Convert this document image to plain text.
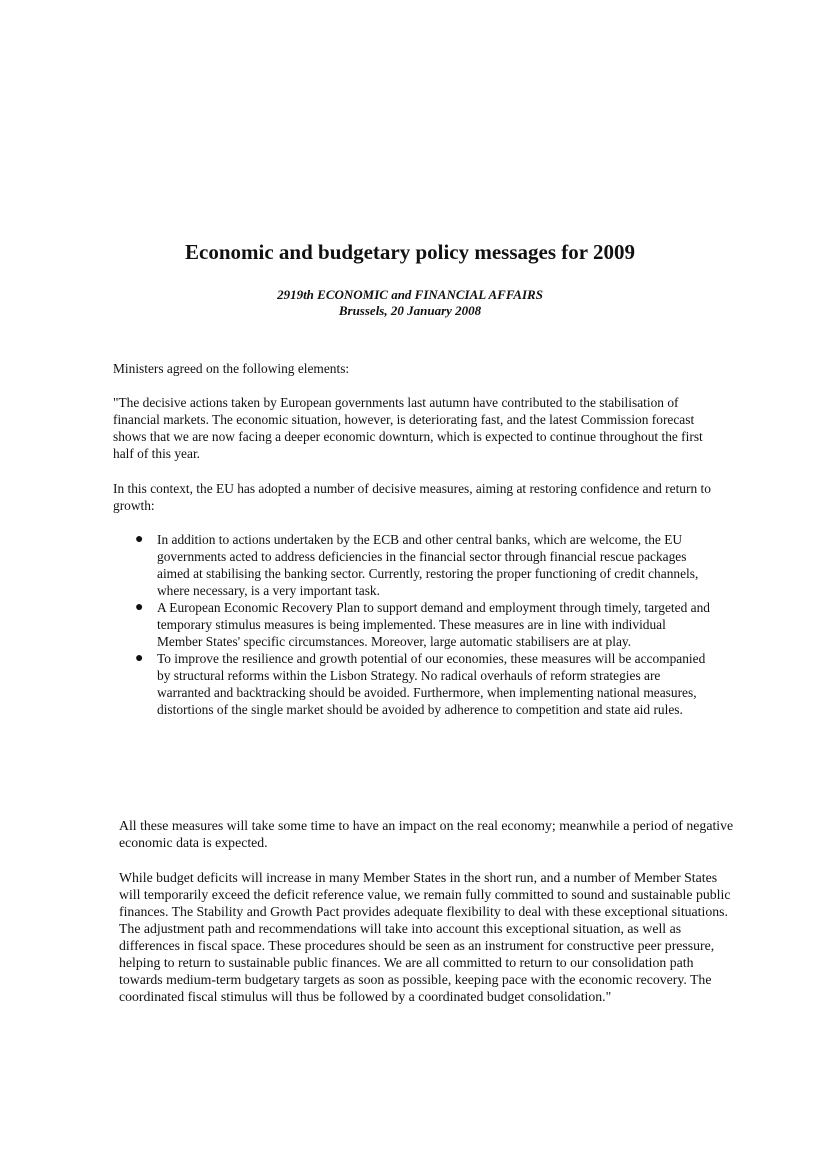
Economic and budgetary policy messages for 2009
2919th ECONOMIC and FINANCIAL AFFAIRS
Brussels, 20 January 2008

Ministers agreed on the following elements:

"The decisive actions taken by European governments last autumn have contributed to the stabilisation of financial markets. The economic situation, however, is deteriorating fast, and the latest Commission forecast shows that we are now facing a deeper economic downturn, which is expected to continue throughout the first half of this year.

In this context, the EU has adopted a number of decisive measures, aiming at restoring confidence and return to growth:

● In addition to actions undertaken by the ECB and other central banks, which are welcome, the EU governments acted to address deficiencies in the financial sector through financial rescue packages aimed at stabilising the banking sector. Currently, restoring the proper functioning of credit channels, where necessary, is a very important task.
● A European Economic Recovery Plan to support demand and employment through timely, targeted and temporary stimulus measures is being implemented. These measures are in line with individual Member States' specific circumstances. Moreover, large automatic stabilisers are at play.
● To improve the resilience and growth potential of our economies, these measures will be accompanied by structural reforms within the Lisbon Strategy. No radical overhauls of reform strategies are warranted and backtracking should be avoided. Furthermore, when implementing national measures, distortions of the single market should be avoided by adherence to competition and state aid rules.

All these measures will take some time to have an impact on the real economy; meanwhile a period of negative economic data is expected.

While budget deficits will increase in many Member States in the short run, and a number of Member States will temporarily exceed the deficit reference value, we remain fully committed to sound and sustainable public finances. The Stability and Growth Pact provides adequate flexibility to deal with these exceptional situations. The adjustment path and recommendations will take into account this exceptional situation, as well as differences in fiscal space. These procedures should be seen as an instrument for constructive peer pressure, helping to return to sustainable public finances. We are all committed to return to our consolidation path towards medium-term budgetary targets as soon as possible, keeping pace with the economic recovery. The coordinated fiscal stimulus will thus be followed by a coordinated budget consolidation."
